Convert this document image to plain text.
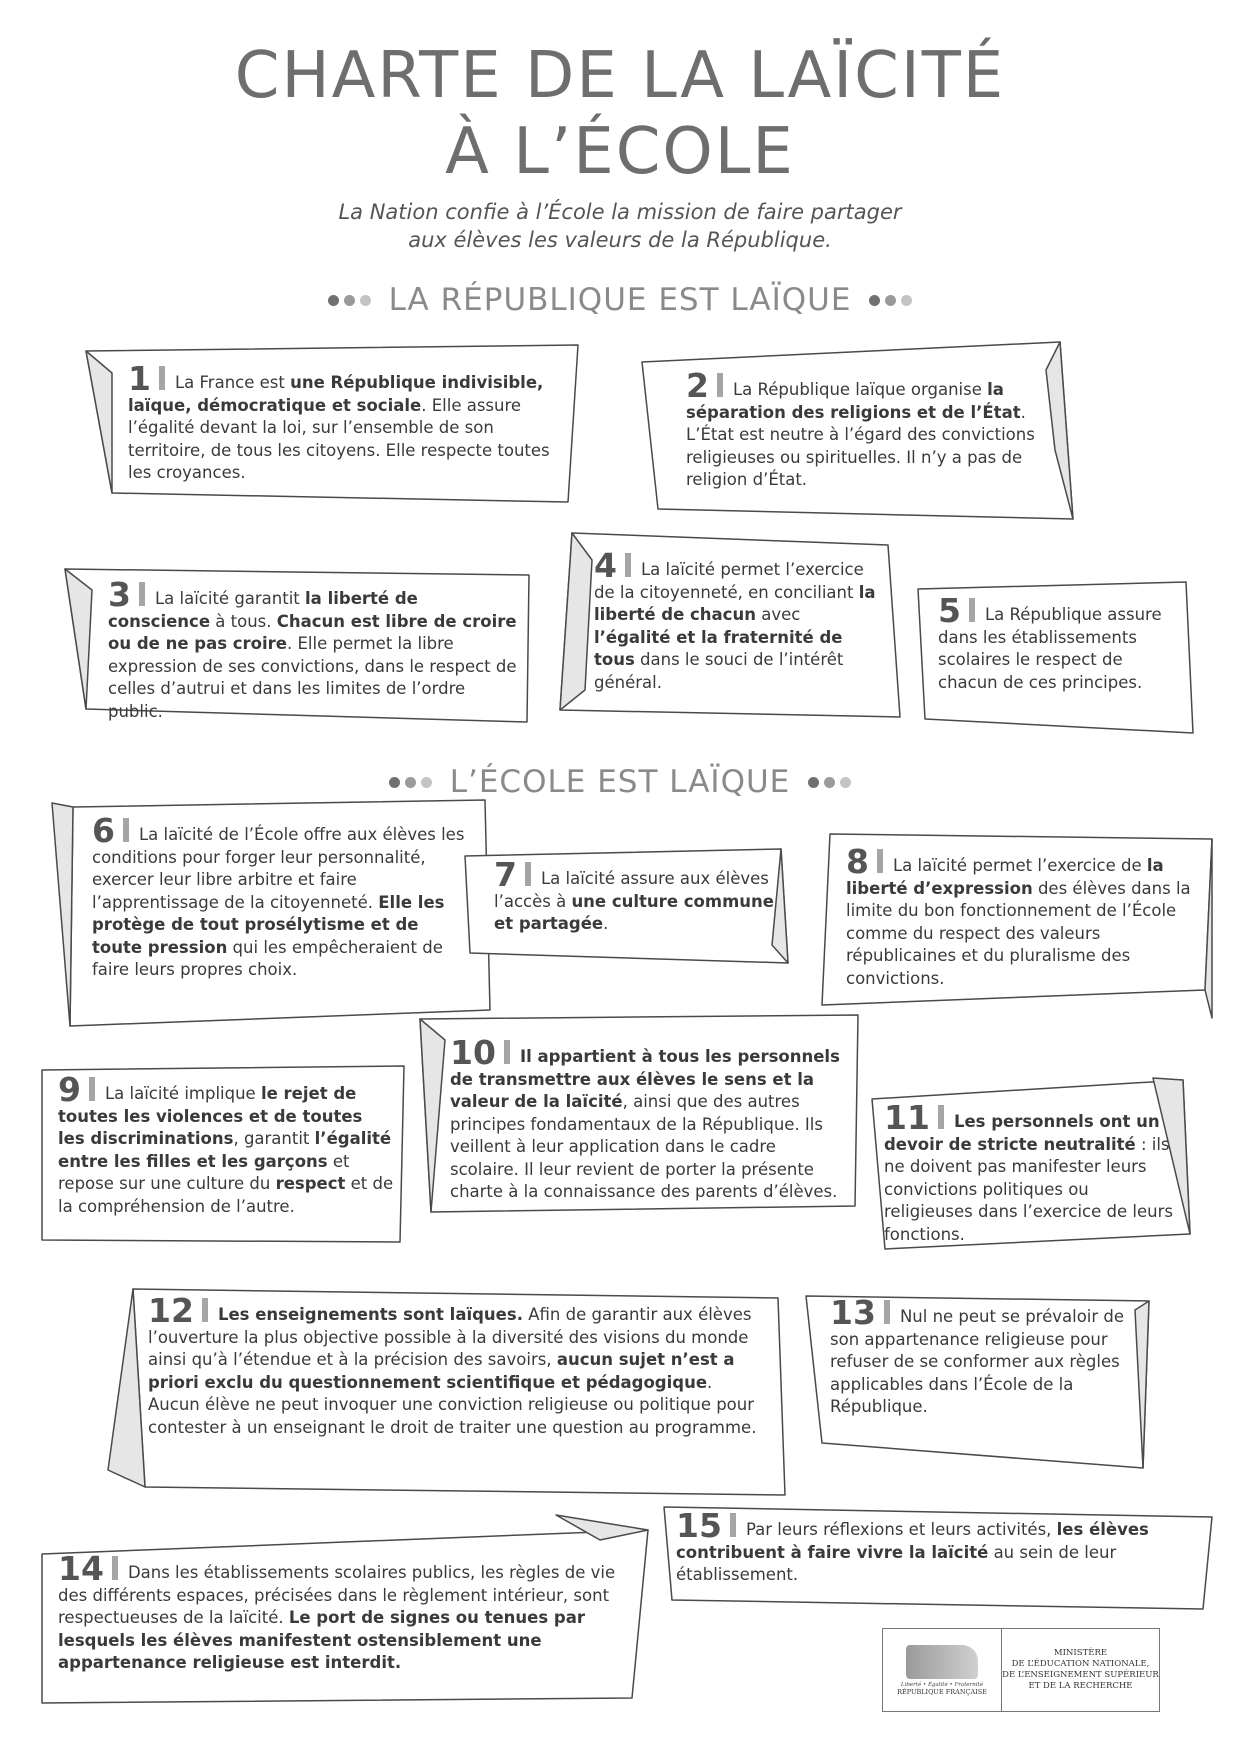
CHARTE DE LA LAÏCITÉ
À L’ÉCOLE
La Nation confie à l’École la mission de faire partager
aux élèves les valeurs de la République.
LA RÉPUBLIQUE EST LAÏQUE
L’ÉCOLE EST LAÏQUE
1 La France est une République indivisible, laïque, démocratique et sociale. Elle assure l’égalité devant la loi, sur l’ensemble de son territoire, de tous les citoyens. Elle respecte toutes les croyances.
2 La République laïque organise la séparation des religions et de l’État. L’État est neutre à l’égard des convictions religieuses ou spirituelles. Il n’y a pas de religion d’État.
3 La laïcité garantit la liberté de conscience à tous. Chacun est libre de croire ou de ne pas croire. Elle permet la libre expression de ses convictions, dans le respect de celles d’autrui et dans les limites de l’ordre public.
4 La laïcité permet l’exercice de la citoyenneté, en conciliant la liberté de chacun avec l’égalité et la fraternité de tous dans le souci de l’intérêt général.
5 La République assure dans les établissements scolaires le respect de chacun de ces principes.
6 La laïcité de l’École offre aux élèves les conditions pour forger leur personnalité, exercer leur libre arbitre et faire l’apprentissage de la citoyenneté. Elle les protège de tout prosélytisme et de toute pression qui les empêcheraient de faire leurs propres choix.
7 La laïcité assure aux élèves l’accès à une culture commune et partagée.
8 La laïcité permet l’exercice de la liberté d’expression des élèves dans la limite du bon fonctionnement de l’École comme du respect des valeurs républicaines et du pluralisme des convictions.
9 La laïcité implique le rejet de toutes les violences et de toutes les discriminations, garantit l’égalité entre les filles et les garçons et repose sur une culture du respect et de la compréhension de l’autre.
10 Il appartient à tous les personnels de transmettre aux élèves le sens et la valeur de la laïcité, ainsi que des autres principes fondamentaux de la République. Ils veillent à leur application dans le cadre scolaire. Il leur revient de porter la présente charte à la connaissance des parents d’élèves.
11 Les personnels ont un devoir de stricte neutralité : ils ne doivent pas manifester leurs convictions politiques ou religieuses dans l’exercice de leurs fonctions.
12 Les enseignements sont laïques. Afin de garantir aux élèves l’ouverture la plus objective possible à la diversité des visions du monde ainsi qu’à l’étendue et à la précision des savoirs, aucun sujet n’est a priori exclu du questionnement scientifique et pédagogique. Aucun élève ne peut invoquer une conviction religieuse ou politique pour contester à un enseignant le droit de traiter une question au programme.
13 Nul ne peut se prévaloir de son appartenance religieuse pour refuser de se conformer aux règles applicables dans l’École de la République.
14 Dans les établissements scolaires publics, les règles de vie des différents espaces, précisées dans le règlement intérieur, sont respectueuses de la laïcité. Le port de signes ou tenues par lesquels les élèves manifestent ostensiblement une appartenance religieuse est interdit.
15 Par leurs réflexions et leurs activités, les élèves contribuent à faire vivre la laïcité au sein de leur établissement.
Liberté • Égalité • Fraternité
RÉPUBLIQUE FRANÇAISE
MINISTÈRE
DE L’ÉDUCATION NATIONALE,
DE L’ENSEIGNEMENT SUPÉRIEUR
ET DE LA RECHERCHE
